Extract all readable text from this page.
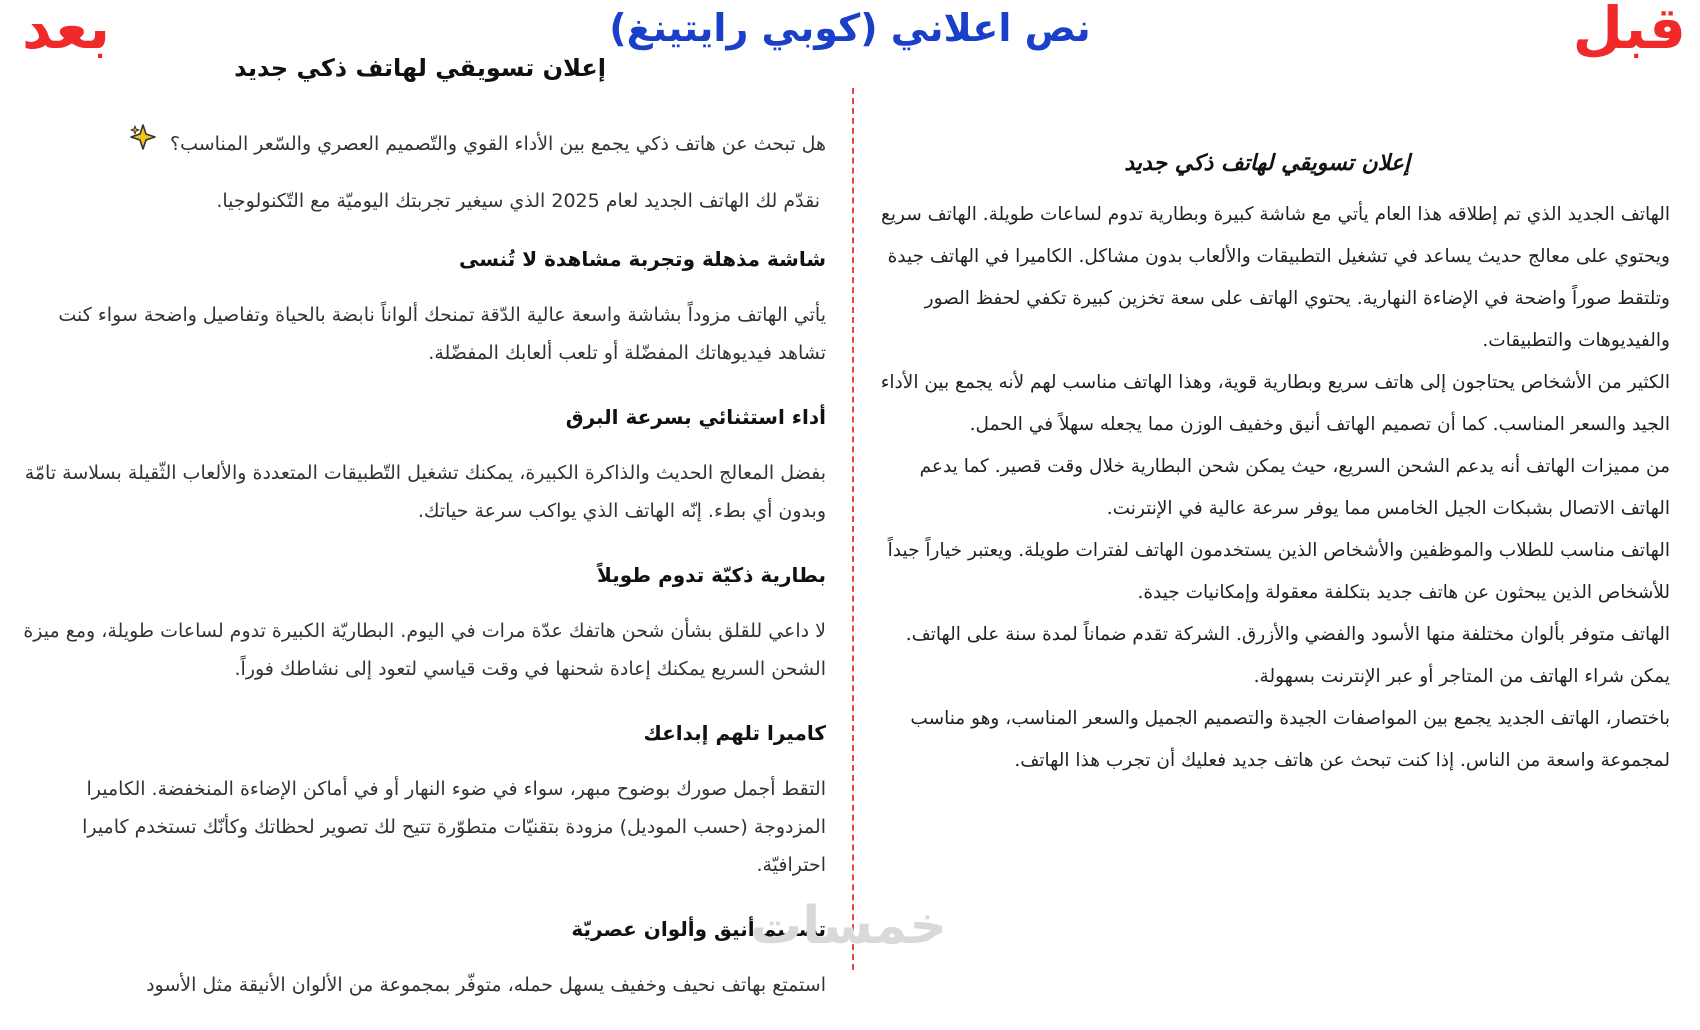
قبل
بعد	نص اعلاني (كوبي رايتينغ)
إعلان تسويقي لهاتف ذكي جديد

هل تبحث عن هاتف ذكي يجمع بين الأداء القوي والتّصميم العصري والسّعر المناسب؟

نقدّم لك الهاتف الجديد لعام 2025 الذي سيغير تجربتك اليوميّة مع التّكنولوجيا.

شاشة مذهلة وتجربة مشاهدة لا تُنسى

يأتي الهاتف مزوداً بشاشة واسعة عالية الدّقة تمنحك ألواناً نابضة بالحياة وتفاصيل واضحة سواء كنت تشاهد فيديوهاتك المفضّلة أو تلعب ألعابك المفضّلة.

أداء استثنائي بسرعة البرق

بفضل المعالج الحديث والذاكرة الكبيرة، يمكنك تشغيل التّطبيقات المتعددة والألعاب الثّقيلة بسلاسة تامّة وبدون أي بطء. إنّه الهاتف الذي يواكب سرعة حياتك.

بطارية ذكيّة تدوم طويلاً

لا داعي للقلق بشأن شحن هاتفك عدّة مرات في اليوم. البطاريّة الكبيرة تدوم لساعات طويلة، ومع ميزة الشحن السريع يمكنك إعادة شحنها في وقت قياسي لتعود إلى نشاطك فوراً.

كاميرا تلهم إبداعك

التقط أجمل صورك بوضوح مبهر، سواء في ضوء النهار أو في أماكن الإضاءة المنخفضة. الكاميرا المزدوجة (حسب الموديل) مزودة بتقنيّات متطوّرة تتيح لك تصوير لحظاتك وكأنّك تستخدم كاميرا احترافيّة.

تصميم أنيق وألوان عصريّة

استمتع بهاتف نحيف وخفيف يسهل حمله، متوفّر بمجموعة من الألوان الأنيقة مثل الأسود

إعلان تسويقي لهاتف ذكي جديد

الهاتف الجديد الذي تم إطلاقه هذا العام يأتي مع شاشة كبيرة وبطارية تدوم لساعات طويلة. الهاتف سريع ويحتوي على معالج حديث يساعد في تشغيل التطبيقات والألعاب بدون مشاكل. الكاميرا في الهاتف جيدة وتلتقط صوراً واضحة في الإضاءة النهارية. يحتوي الهاتف على سعة تخزين كبيرة تكفي لحفظ الصور والفيديوهات والتطبيقات.

الكثير من الأشخاص يحتاجون إلى هاتف سريع وبطارية قوية، وهذا الهاتف مناسب لهم لأنه يجمع بين الأداء الجيد والسعر المناسب. كما أن تصميم الهاتف أنيق وخفيف الوزن مما يجعله سهلاً في الحمل.

من مميزات الهاتف أنه يدعم الشحن السريع، حيث يمكن شحن البطارية خلال وقت قصير. كما يدعم الهاتف الاتصال بشبكات الجيل الخامس مما يوفر سرعة عالية في الإنترنت.

الهاتف مناسب للطلاب والموظفين والأشخاص الذين يستخدمون الهاتف لفترات طويلة. ويعتبر خياراً جيداً للأشخاص الذين يبحثون عن هاتف جديد بتكلفة معقولة وإمكانيات جيدة.

الهاتف متوفر بألوان مختلفة منها الأسود والفضي والأزرق. الشركة تقدم ضماناً لمدة سنة على الهاتف. يمكن شراء الهاتف من المتاجر أو عبر الإنترنت بسهولة.

باختصار، الهاتف الجديد يجمع بين المواصفات الجيدة والتصميم الجميل والسعر المناسب، وهو مناسب لمجموعة واسعة من الناس. إذا كنت تبحث عن هاتف جديد فعليك أن تجرب هذا الهاتف.

خمسات
